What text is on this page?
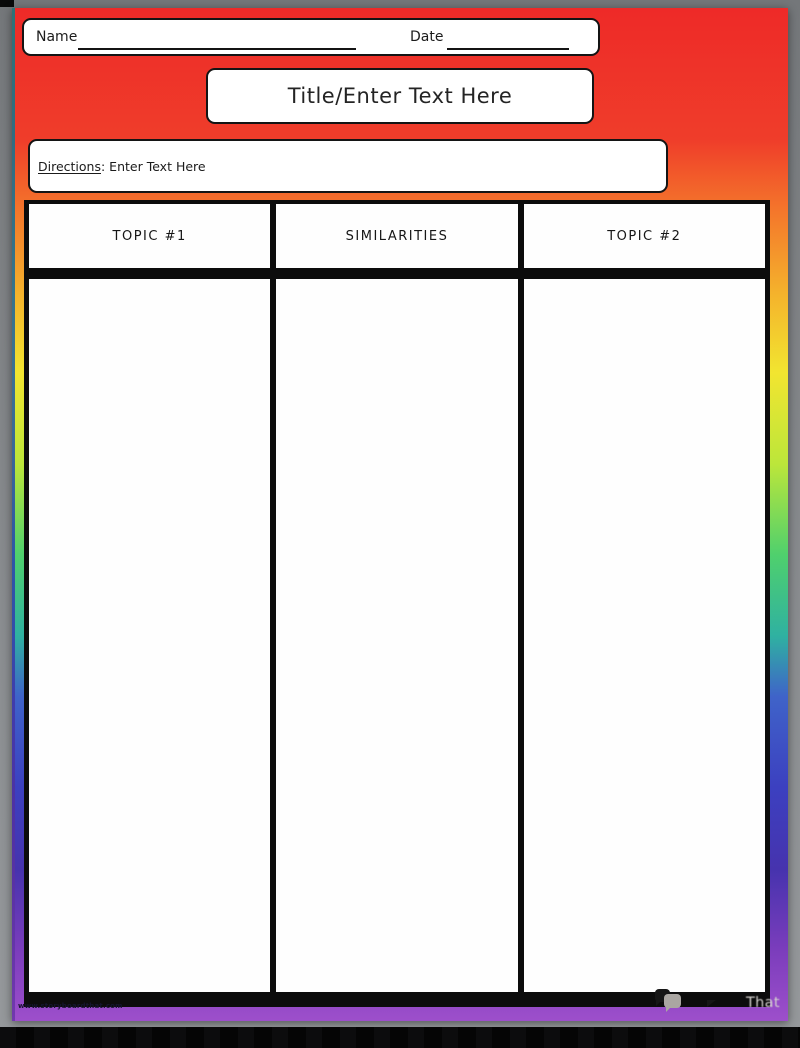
Name	Date
Title/Enter Text Here
Directions: Enter Text Here
TOPIC #1	SIMILARITIES	TOPIC #2
www.storyboardthat.com	That
